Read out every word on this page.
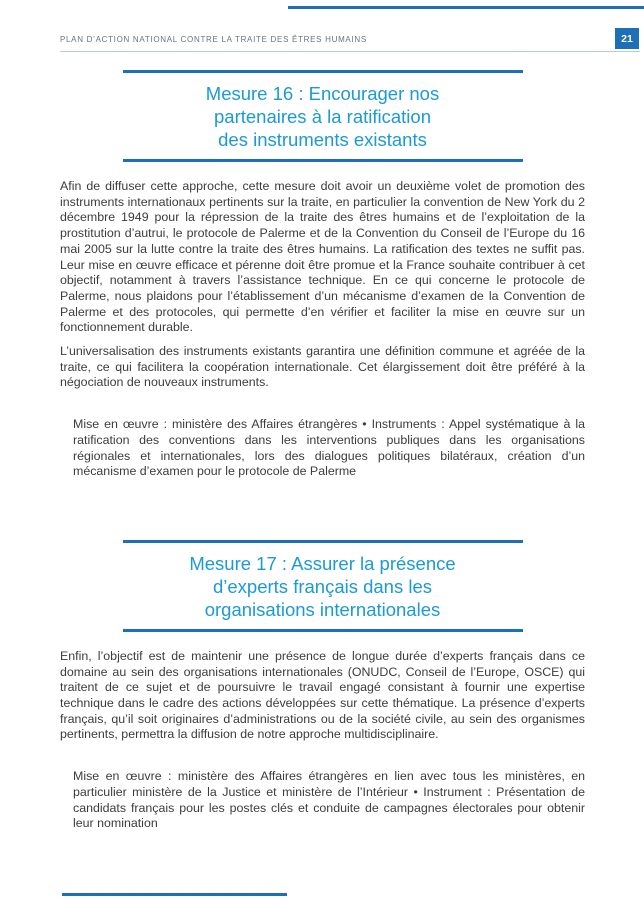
PLAN D’ACTION NATIONAL CONTRE LA TRAITE DES ÊTRES HUMAINS	21
Mesure 16 : Encourager nos
partenaires à la ratification
des instruments existants

Afin de diffuser cette approche, cette mesure doit avoir un deuxième volet de promotion des instruments internationaux pertinents sur la traite, en particulier la convention de New York du 2 décembre 1949 pour la répression de la traite des êtres humains et de l’exploitation de la prostitution d’autrui, le protocole de Palerme et de la Convention du Conseil de l’Europe du 16 mai 2005 sur la lutte contre la traite des êtres humains. La ratification des textes ne suffit pas. Leur mise en œuvre efficace et pérenne doit être promue et la France souhaite contribuer à cet objectif, notamment à travers l’assistance technique. En ce qui concerne le protocole de Palerme, nous plaidons pour l’établissement d’un mécanisme d’examen de la Convention de Palerme et des protocoles, qui permette d’en vérifier et faciliter la mise en œuvre sur un fonctionnement durable.

L’universalisation des instruments existants garantira une définition commune et agréée de la traite, ce qui facilitera la coopération internationale. Cet élargissement doit être préféré à la négociation de nouveaux instruments.

Mise en œuvre : ministère des Affaires étrangères • Instruments : Appel systématique à la ratification des conventions dans les interventions publiques dans les organisations régionales et internationales, lors des dialogues politiques bilatéraux, création d’un mécanisme d’examen pour le protocole de Palerme
Mesure 17 : Assurer la présence
d’experts français dans les
organisations internationales

Enfin, l’objectif est de maintenir une présence de longue durée d’experts français dans ce domaine au sein des organisations internationales (ONUDC, Conseil de l’Europe, OSCE) qui traitent de ce sujet et de poursuivre le travail engagé consistant à fournir une expertise technique dans le cadre des actions développées sur cette thématique. La présence d’experts français, qu’il soit originaires d’administrations ou de la société civile, au sein des organismes pertinents, permettra la diffusion de notre approche multidisciplinaire.

Mise en œuvre : ministère des Affaires étrangères en lien avec tous les ministères, en particulier ministère de la Justice et ministère de l’Intérieur • Instrument : Présentation de candidats français pour les postes clés et conduite de campagnes électorales pour obtenir leur nomination
